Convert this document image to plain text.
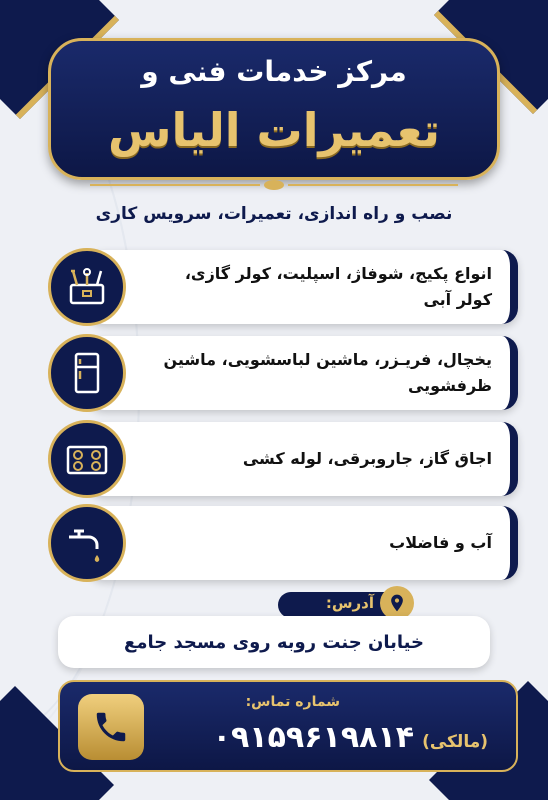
مرکز خدمات فنی و
تعمیرات الیاس
نصب و راه اندازی، تعمیرات، سرویس کاری
انواع پکیج، شوفاژ، اسپلیت، کولر گازی، کولر آبی
یخچال، فریـزر، ماشین لباسشویی، ماشین ظرفشویی
اجاق گاز، جاروبرقی، لوله کشی
آب و فاضلاب
آدرس:
خیابان جنت روبه روی مسجد جامع
شماره تماس:
(مالکی)
۰۹۱۵۹۶۱۹۸۱۴
